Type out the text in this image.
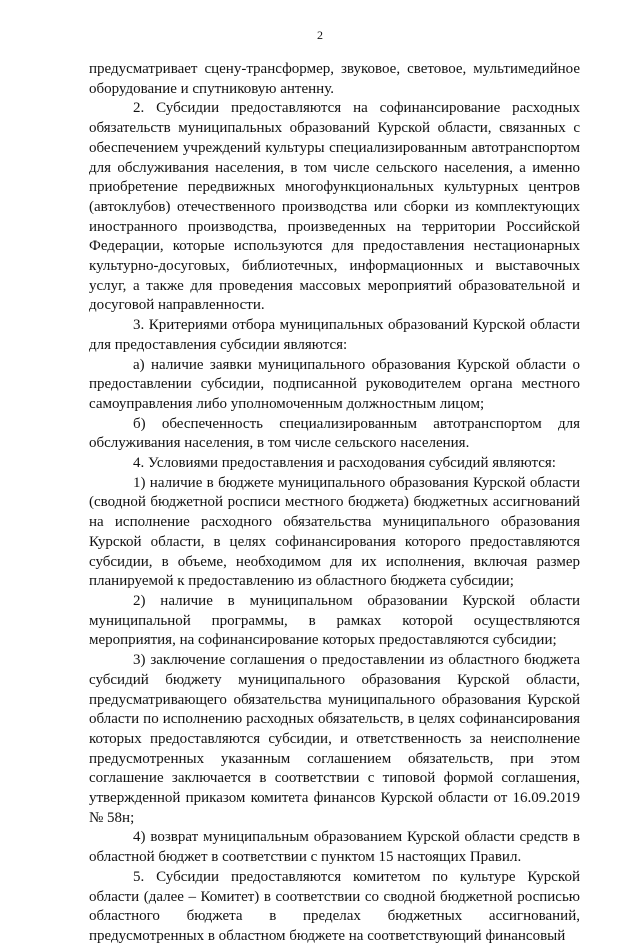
2

предусматривает сцену-трансформер, звуковое, световое, мультимедийное оборудование и спутниковую антенну.

2. Субсидии предоставляются на софинансирование расходных обязательств муниципальных образований Курской области, связанных с обеспечением учреждений культуры специализированным автотранспортом для обслуживания населения, в том числе сельского населения, а именно приобретение передвижных многофункциональных культурных центров (автоклубов) отечественного производства или сборки из комплектующих иностранного производства, произведенных на территории Российской Федерации, которые используются для предоставления нестационарных культурно-досуговых, библиотечных, информационных и выставочных услуг, а также для проведения массовых мероприятий образовательной и досуговой направленности.

3. Критериями отбора муниципальных образований Курской области для предоставления субсидии являются:

а) наличие заявки муниципального образования Курской области о предоставлении субсидии, подписанной руководителем органа местного самоуправления либо уполномоченным должностным лицом;

б) обеспеченность специализированным автотранспортом для обслуживания населения, в том числе сельского населения.

4. Условиями предоставления и расходования субсидий являются:

1) наличие в бюджете муниципального образования Курской области (сводной бюджетной росписи местного бюджета) бюджетных ассигнований на исполнение расходного обязательства муниципального образования Курской области, в целях софинансирования которого предоставляются субсидии, в объеме, необходимом для их исполнения, включая размер планируемой к предоставлению из областного бюджета субсидии;

2) наличие в муниципальном образовании Курской области муниципальной программы, в рамках которой осуществляются мероприятия, на софинансирование которых предоставляются субсидии;

3) заключение соглашения о предоставлении из областного бюджета субсидий бюджету муниципального образования Курской области, предусматривающего обязательства муниципального образования Курской области по исполнению расходных обязательств, в целях софинансирования которых предоставляются субсидии, и ответственность за неисполнение предусмотренных указанным соглашением обязательств, при этом соглашение заключается в соответствии с типовой формой соглашения, утвержденной приказом комитета финансов Курской области от 16.09.2019 № 58н;

4) возврат муниципальным образованием Курской области средств в областной бюджет в соответствии с пунктом 15 настоящих Правил.

5. Субсидии предоставляются комитетом по культуре Курской области (далее – Комитет) в соответствии со сводной бюджетной росписью областного бюджета в пределах бюджетных ассигнований, предусмотренных в областном бюджете на соответствующий финансовый
